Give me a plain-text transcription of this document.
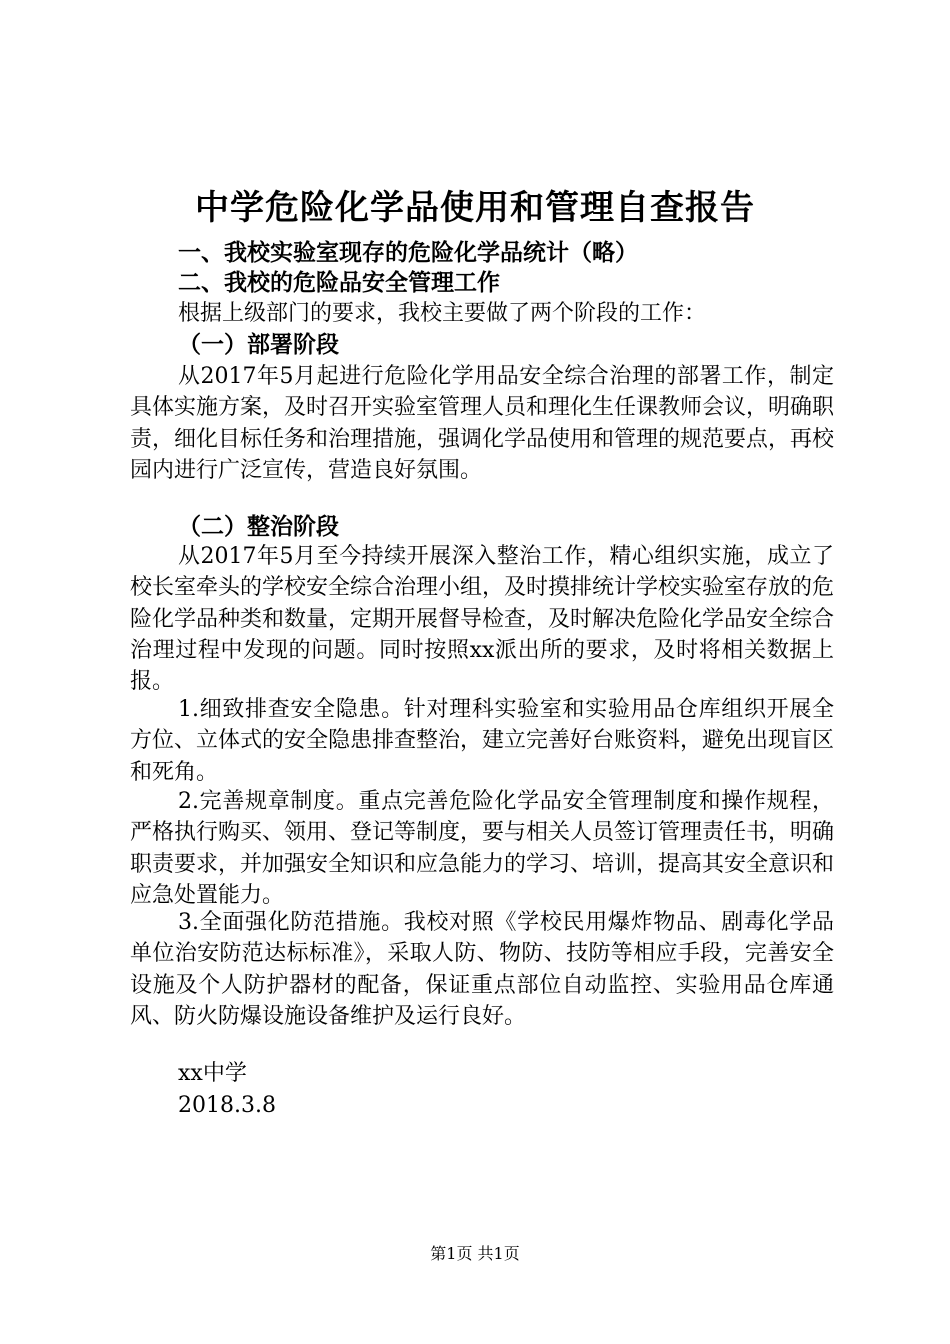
中学危险化学品使用和管理自查报告
一、我校实验室现存的危险化学品统计（略）
二、我校的危险品安全管理工作
根据上级部门的要求，我校主要做了两个阶段的工作：
（一）部署阶段
从2017年5月起进行危险化学用品安全综合治理的部署工作，制定具体实施方案，及时召开实验室管理人员和理化生任课教师会议，明确职责，细化目标任务和治理措施，强调化学品使用和管理的规范要点，再校园内进行广泛宣传，营造良好氛围。
（二）整治阶段
从2017年5月至今持续开展深入整治工作，精心组织实施，成立了校长室牵头的学校安全综合治理小组，及时摸排统计学校实验室存放的危险化学品种类和数量，定期开展督导检查，及时解决危险化学品安全综合治理过程中发现的问题。同时按照xx派出所的要求，及时将相关数据上报。
1.细致排查安全隐患。针对理科实验室和实验用品仓库组织开展全方位、立体式的安全隐患排查整治，建立完善好台账资料，避免出现盲区和死角。
2.完善规章制度。重点完善危险化学品安全管理制度和操作规程，严格执行购买、领用、登记等制度，要与相关人员签订管理责任书，明确职责要求，并加强安全知识和应急能力的学习、培训，提高其安全意识和应急处置能力。
3.全面强化防范措施。我校对照《学校民用爆炸物品、剧毒化学品单位治安防范达标标准》，采取人防、物防、技防等相应手段，完善安全设施及个人防护器材的配备，保证重点部位自动监控、实验用品仓库通风、防火防爆设施设备维护及运行良好。
xx中学
2018.3.8
第1页 共1页
